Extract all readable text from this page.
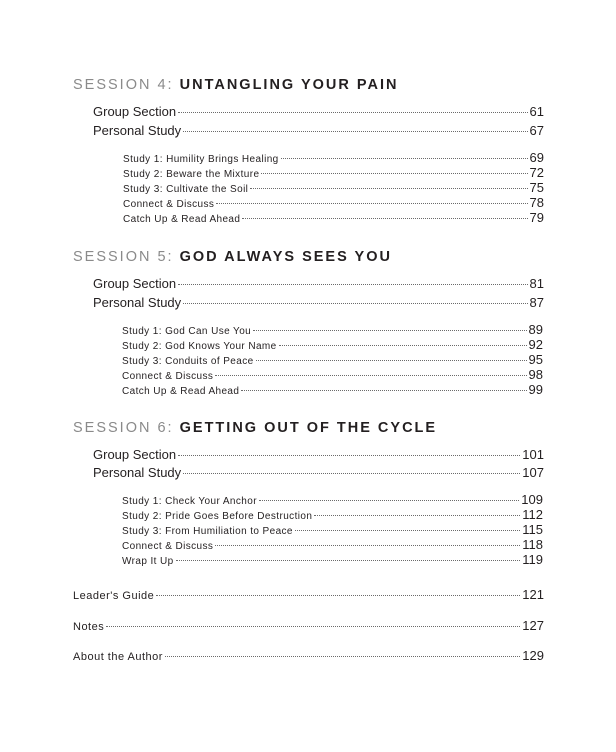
SESSION 4: UNTANGLING YOUR PAIN
Group Section	61
Personal Study	67
Study 1: Humility Brings Healing	69
Study 2: Beware the Mixture	72
Study 3: Cultivate the Soil	75
Connect & Discuss	78
Catch Up & Read Ahead	79
SESSION 5: GOD ALWAYS SEES YOU
Group Section	81
Personal Study	87
Study 1: God Can Use You	89
Study 2: God Knows Your Name	92
Study 3: Conduits of Peace	95
Connect & Discuss	98
Catch Up & Read Ahead	99
SESSION 6: GETTING OUT OF THE CYCLE
Group Section	101
Personal Study	107
Study 1: Check Your Anchor	109
Study 2: Pride Goes Before Destruction	112
Study 3: From Humiliation to Peace	115
Connect & Discuss	118
Wrap It Up	119
Leader's Guide	121
Notes	127
About the Author	129
